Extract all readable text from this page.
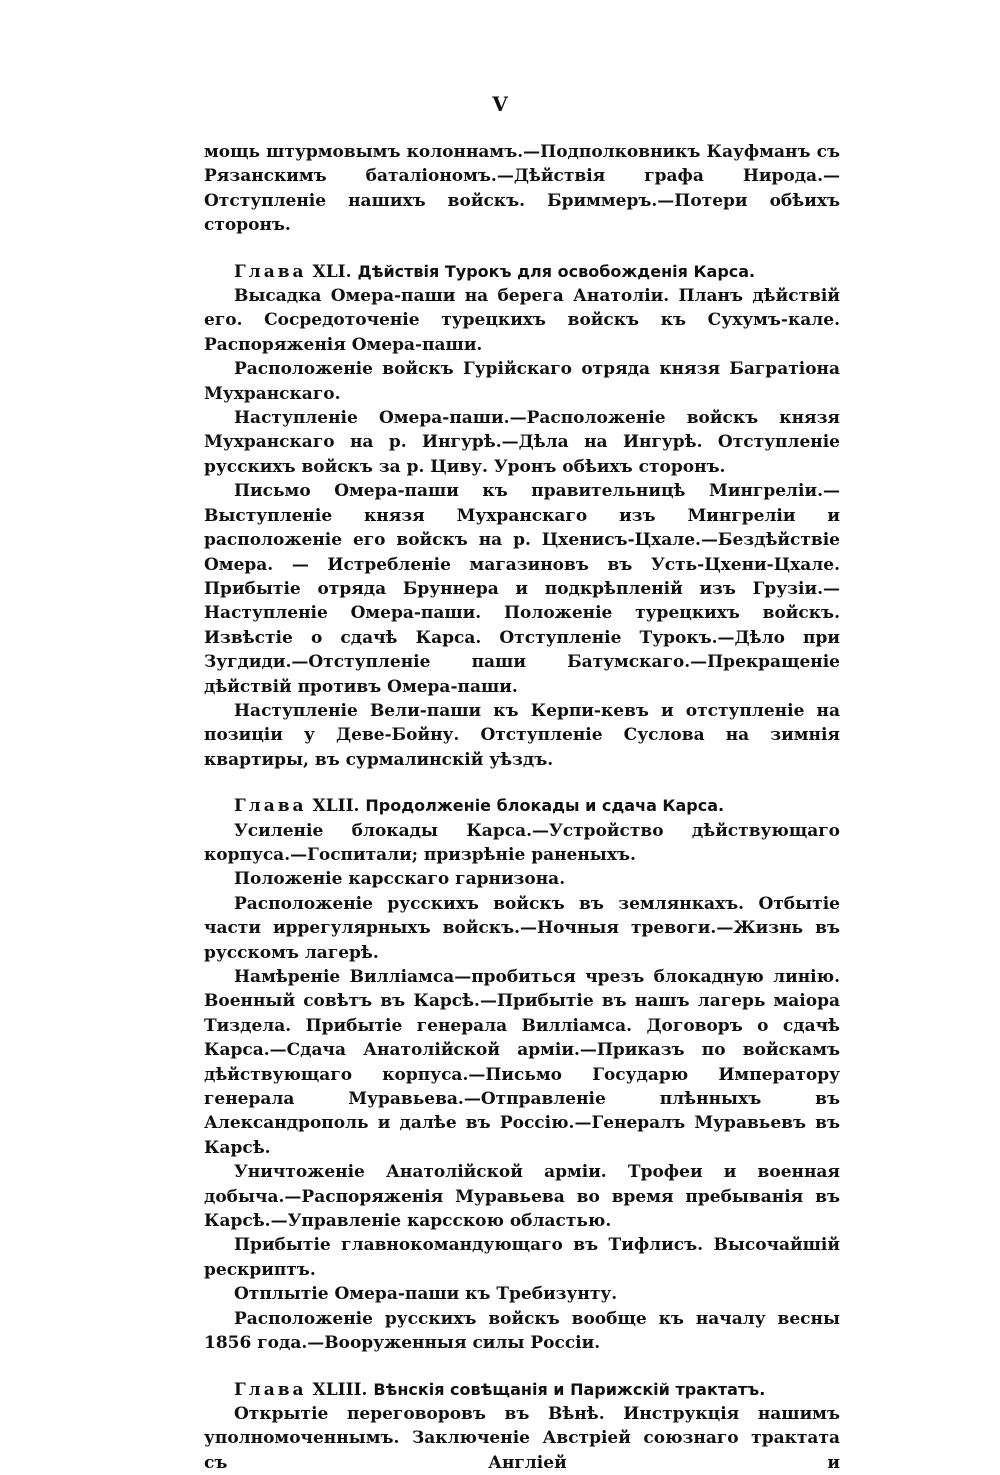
V

мощь штурмовымъ колоннамъ.—Подполковникъ Кауфманъ съ Рязанскимъ баталіономъ.—Дѣйствія графа Нирода.—Отступленіе нашихъ войскъ. Бриммеръ.—Потери обѣихъ сторонъ.

Глава XLI. Дѣйствія Турокъ для освобожденія Карса.

Высадка Омера-паши на берега Анатоліи. Планъ дѣйствій его. Сосредоточеніе турецкихъ войскъ къ Сухумъ-кале. Распоряженія Омера-паши.

Расположеніе войскъ Гурійскаго отряда князя Багратіона Мухранскаго.

Наступленіе Омера-паши.—Расположеніе войскъ князя Мухранскаго на р. Ингурѣ.—Дѣла на Ингурѣ. Отступленіе русскихъ войскъ за р. Циву. Уронъ обѣихъ сторонъ.

Письмо Омера-паши къ правительницѣ Мингреліи.—Выступленіе князя Мухранскаго изъ Мингреліи и расположеніе его войскъ на р. Цхенисъ-Цхале.—Бездѣйствіе Омера. — Истребленіе магазиновъ въ Усть-Цхени-Цхале. Прибытіе отряда Бруннера и подкрѣпленій изъ Грузіи.—Наступленіе Омера-паши. Положеніе турецкихъ войскъ. Извѣстіе о сдачѣ Карса. Отступленіе Турокъ.—Дѣло при Зугдиди.—Отступленіе паши Батумскаго.—Прекращеніе дѣйствій противъ Омера-паши.

Наступленіе Вели-паши къ Керпи-кевъ и отступленіе на позиціи у Деве-Бойну. Отступленіе Суслова на зимнія квартиры, въ сурмалинскій уѣздъ.

Глава XLII. Продолженіе блокады и сдача Карса.

Усиленіе блокады Карса.—Устройство дѣйствующаго корпуса.—Госпитали; призрѣніе раненыхъ.

Положеніе карсскаго гарнизона.

Расположеніе русскихъ войскъ въ землянкахъ. Отбытіе части иррегулярныхъ войскъ.—Ночныя тревоги.—Жизнь въ русскомъ лагерѣ.

Намѣреніе Вилліамса—пробиться чрезъ блокадную линію. Военный совѣтъ въ Карсѣ.—Прибытіе въ нашъ лагерь маіора Тиздела. Прибытіе генерала Вилліамса. Договоръ о сдачѣ Карса.—Сдача Анатолійской арміи.—Приказъ по войскамъ дѣйствующаго корпуса.—Письмо Государю Императору генерала Муравьева.—Отправленіе плѣнныхъ въ Александрополь и далѣе въ Россію.—Генералъ Муравьевъ въ Карсѣ.

Уничтоженіе Анатолійской арміи. Трофеи и военная добыча.—Распоряженія Муравьева во время пребыванія въ Карсѣ.—Управленіе карсскою областью.

Прибытіе главнокомандующаго въ Тифлисъ. Высочайшій рескриптъ.

Отплытіе Омера-паши къ Требизунту.

Расположеніе русскихъ войскъ вообще къ началу весны 1856 года.—Вооруженныя силы Россіи.

Глава XLIII. Вѣнскія совѣщанія и Парижскій трактатъ.

Открытіе переговоровъ въ Вѣнѣ. Инструкція нашимъ уполномоченнымъ. Заключеніе Австріей союзнаго трактата съ Англіей и
